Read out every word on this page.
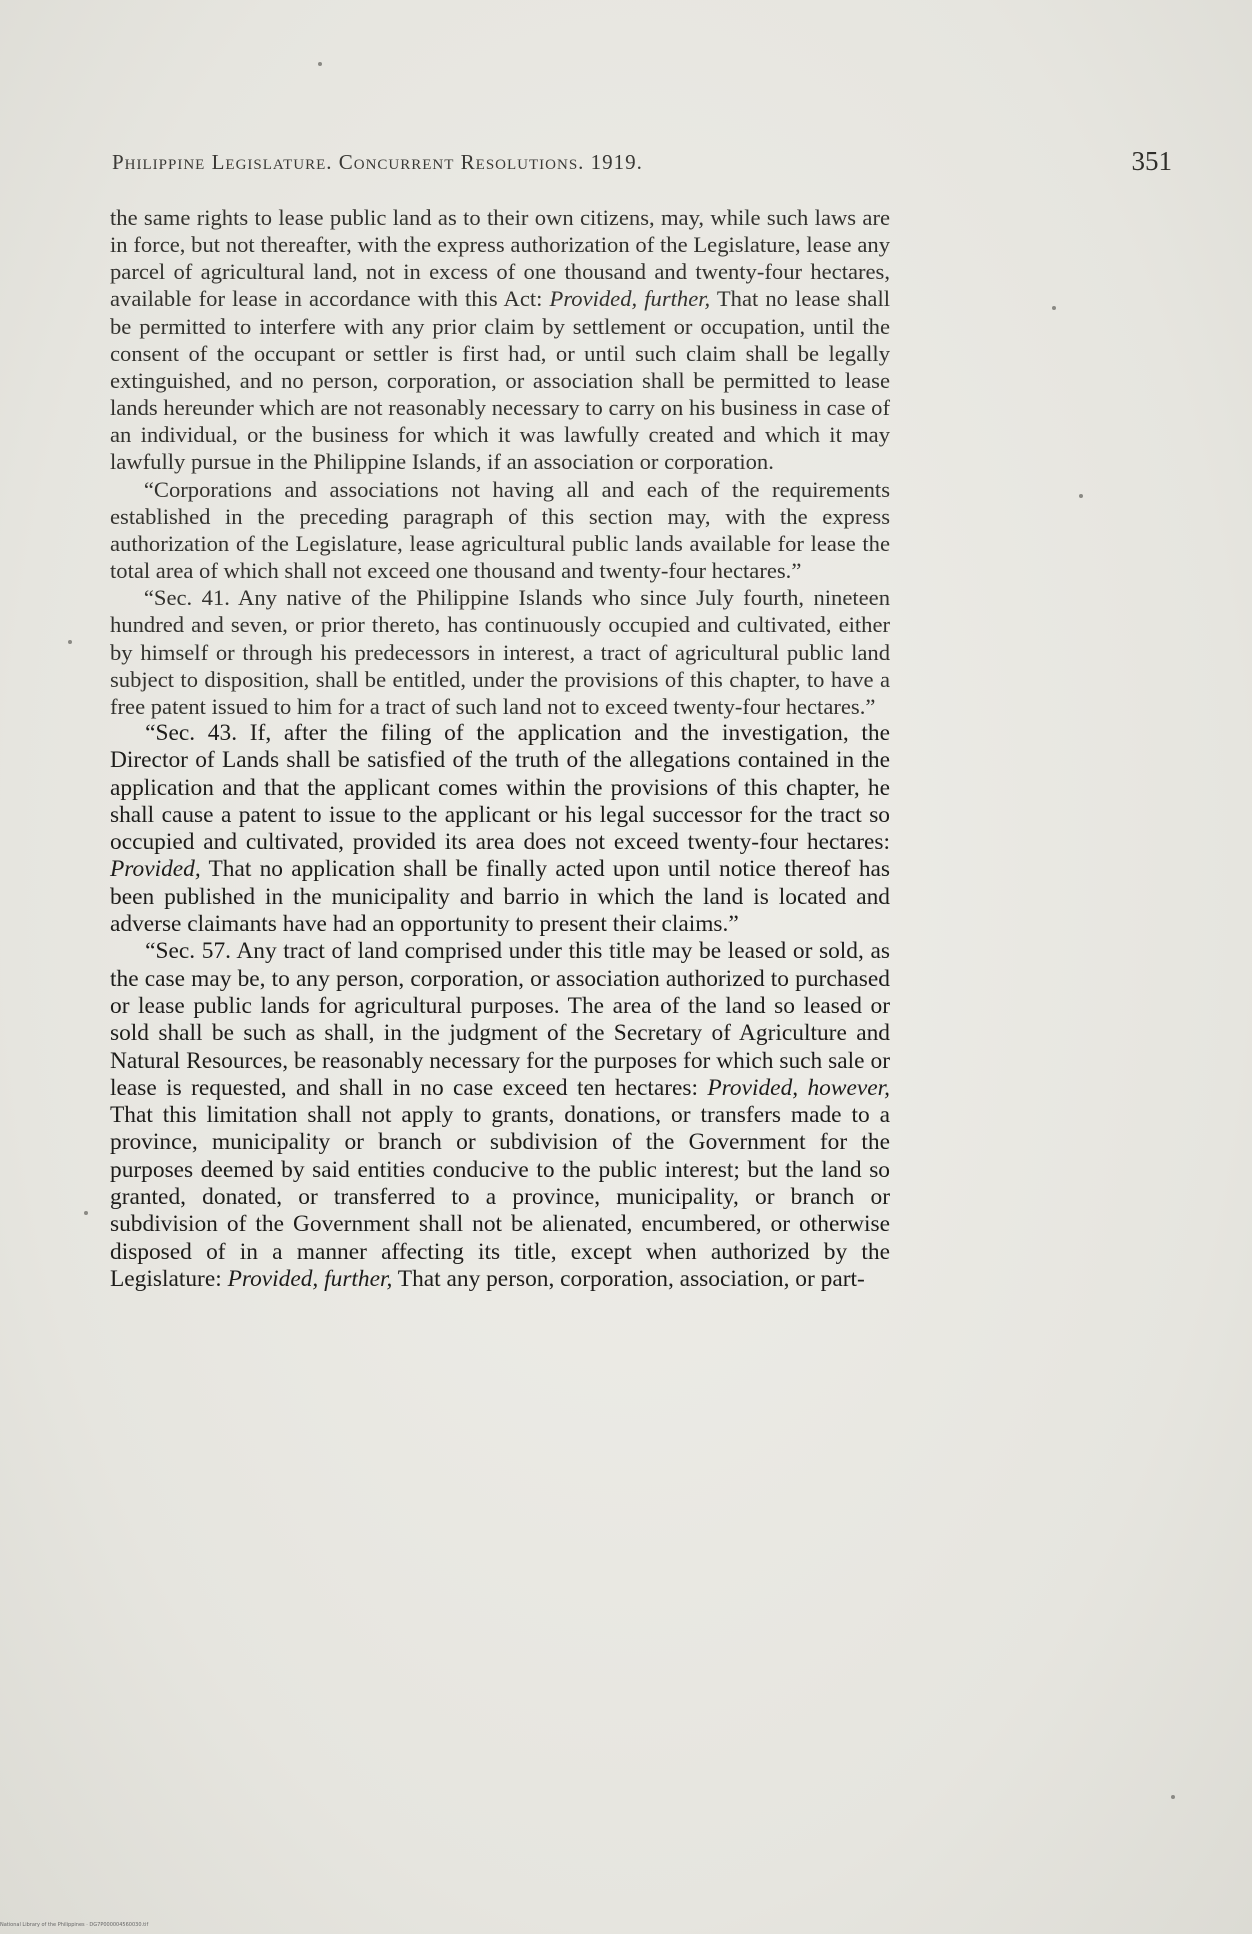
Philippine Legislature. Concurrent Resolutions. 1919.	351

the same rights to lease public land as to their own citizens, may, while such laws are in force, but not thereafter, with the express authorization of the Legislature, lease any parcel of agricultural land, not in excess of one thousand and twenty-four hectares, available for lease in accordance with this Act: Provided, further, That no lease shall be permitted to interfere with any prior claim by settlement or occupation, until the consent of the occupant or settler is first had, or until such claim shall be legally extinguished, and no person, corporation, or association shall be permitted to lease lands hereunder which are not reasonably necessary to carry on his business in case of an individual, or the business for which it was lawfully created and which it may lawfully pursue in the Philippine Islands, if an association or corporation.

“Corporations and associations not having all and each of the requirements established in the preceding paragraph of this section may, with the express authorization of the Legislature, lease agricultural public lands available for lease the total area of which shall not exceed one thousand and twenty-four hectares.”

“Sec. 41. Any native of the Philippine Islands who since July fourth, nineteen hundred and seven, or prior thereto, has continuously occupied and cultivated, either by himself or through his predecessors in interest, a tract of agricultural public land subject to disposition, shall be entitled, under the provisions of this chapter, to have a free patent issued to him for a tract of such land not to exceed twenty-four hectares.”

“Sec. 43. If, after the filing of the application and the investigation, the Director of Lands shall be satisfied of the truth of the allegations contained in the application and that the applicant comes within the provisions of this chapter, he shall cause a patent to issue to the applicant or his legal successor for the tract so occupied and cultivated, provided its area does not exceed twenty-four hectares: Provided, That no application shall be finally acted upon until notice thereof has been published in the municipality and barrio in which the land is located and adverse claimants have had an opportunity to present their claims.”

“Sec. 57. Any tract of land comprised under this title may be leased or sold, as the case may be, to any person, corporation, or association authorized to purchased or lease public lands for agricultural purposes. The area of the land so leased or sold shall be such as shall, in the judgment of the Secretary of Agriculture and Natural Resources, be reasonably necessary for the purposes for which such sale or lease is requested, and shall in no case exceed ten hectares: Provided, however, That this limitation shall not apply to grants, donations, or transfers made to a province, municipality or branch or subdivision of the Government for the purposes deemed by said entities conducive to the public interest; but the land so granted, donated, or transferred to a province, municipality, or branch or subdivision of the Government shall not be alienated, encumbered, or otherwise disposed of in a manner affecting its title, except when authorized by the Legislature: Provided, further, That any person, corporation, association, or part-

National Library of the Philippines · DG7P000004560030.tif
